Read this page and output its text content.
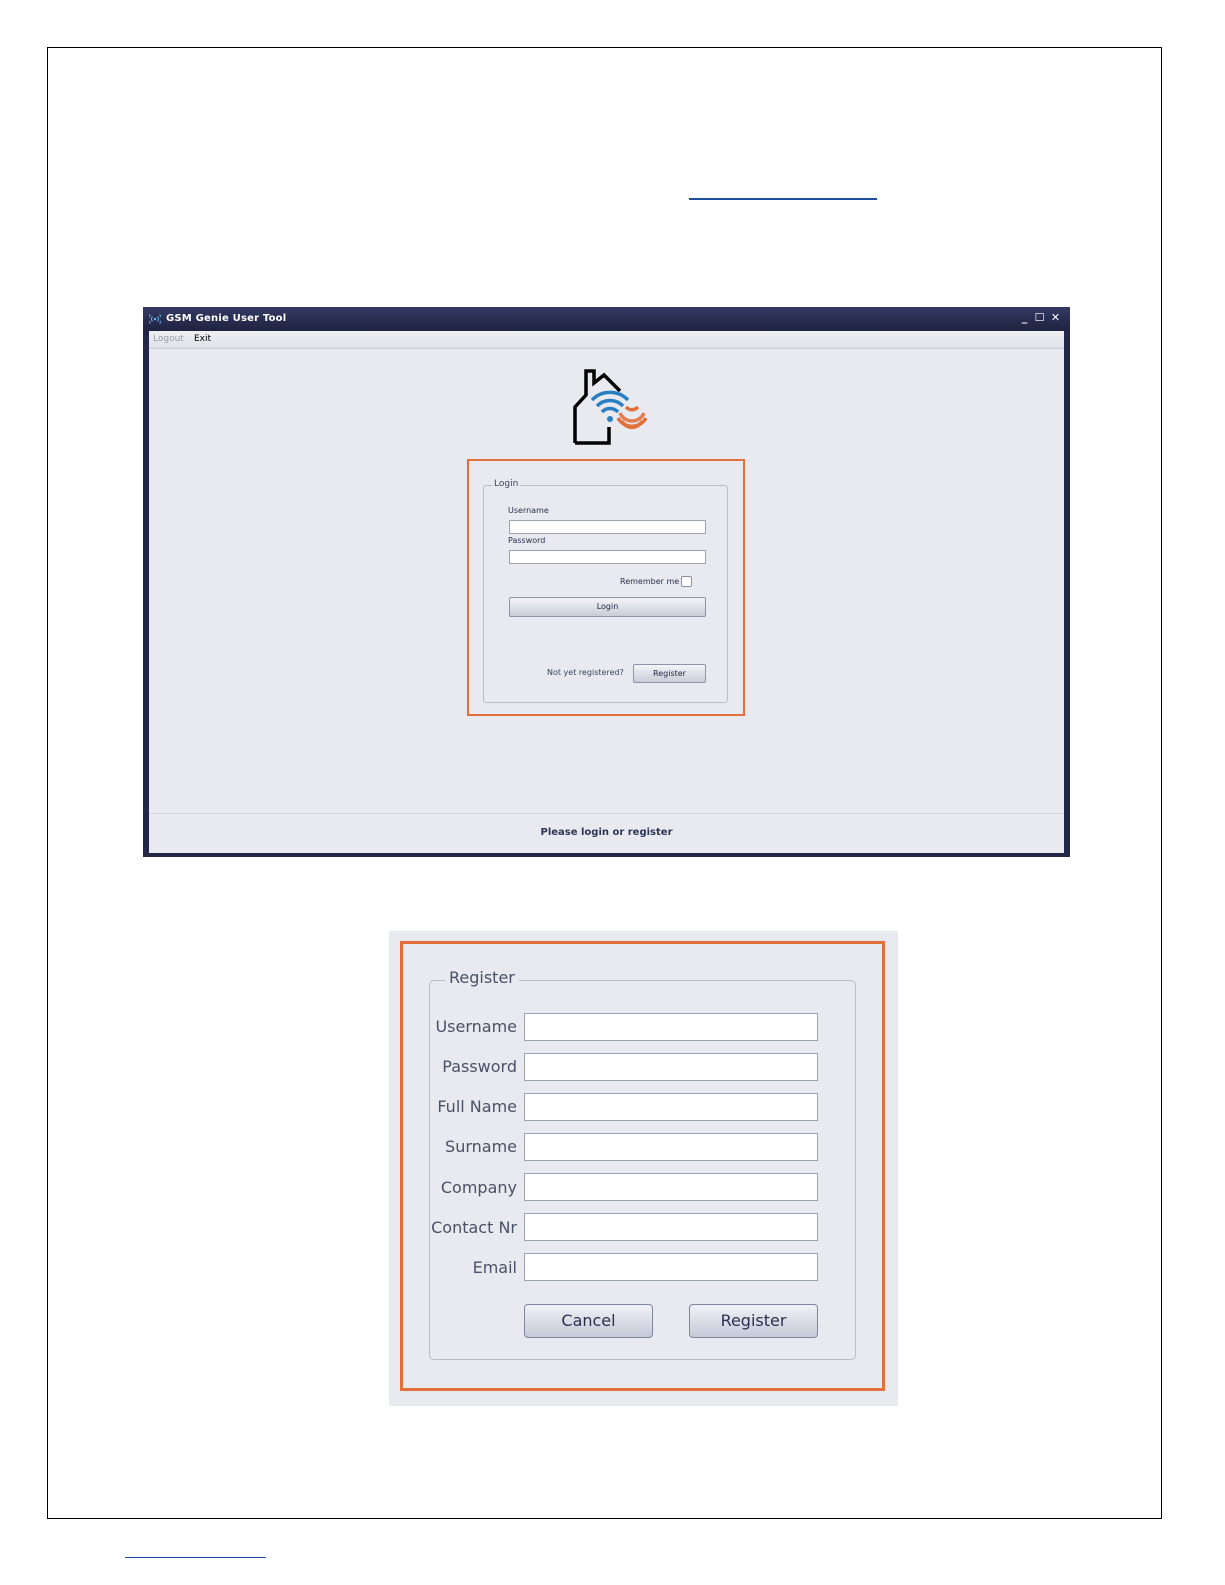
GSM Genie User Tool	_ ☐ ✕
Logout Exit
Login
Username
Password
Remember me
Login
Not yet registered?	Register
Please login or register
Register
Username
Password
Full Name
Surname
Company
Contact Nr
Email
Cancel	Register
